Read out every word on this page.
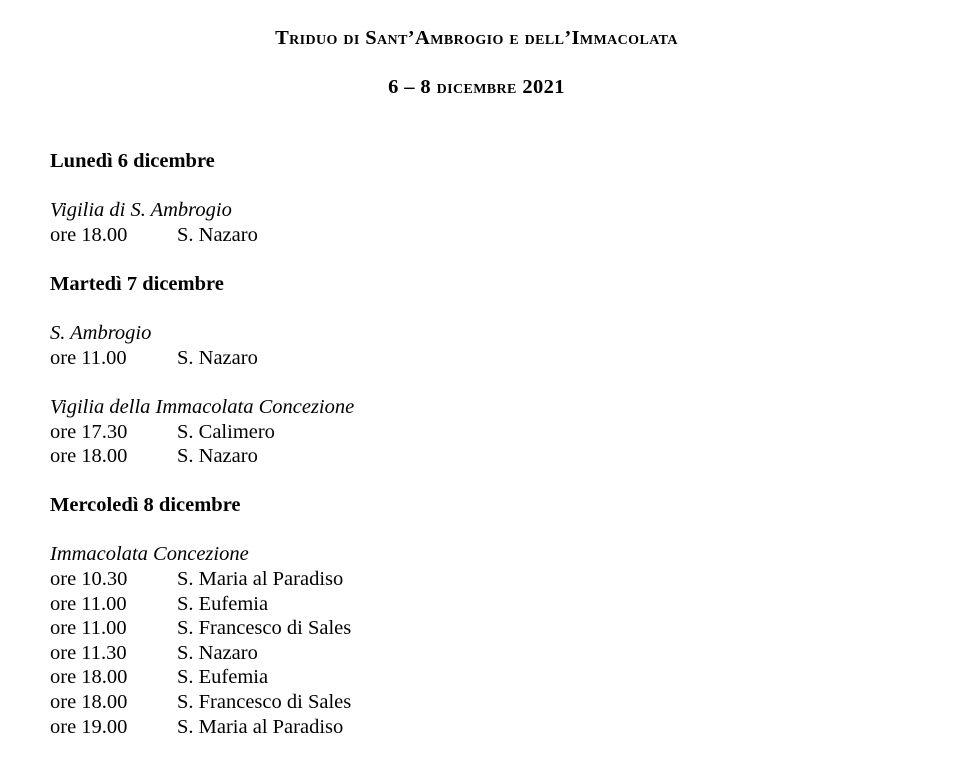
Triduo di Sant’Ambrogio e dell’Immacolata
6 – 8 dicembre 2021
Lunedì 6 dicembre
Vigilia di S. Ambrogio
ore 18.00 S. Nazaro
Martedì 7 dicembre
S. Ambrogio
ore 11.00 S. Nazaro
Vigilia della Immacolata Concezione
ore 17.30 S. Calimero
ore 18.00 S. Nazaro
Mercoledì 8 dicembre
Immacolata Concezione
ore 10.30 S. Maria al Paradiso
ore 11.00 S. Eufemia
ore 11.00 S. Francesco di Sales
ore 11.30 S. Nazaro
ore 18.00 S. Eufemia
ore 18.00 S. Francesco di Sales
ore 19.00 S. Maria al Paradiso
